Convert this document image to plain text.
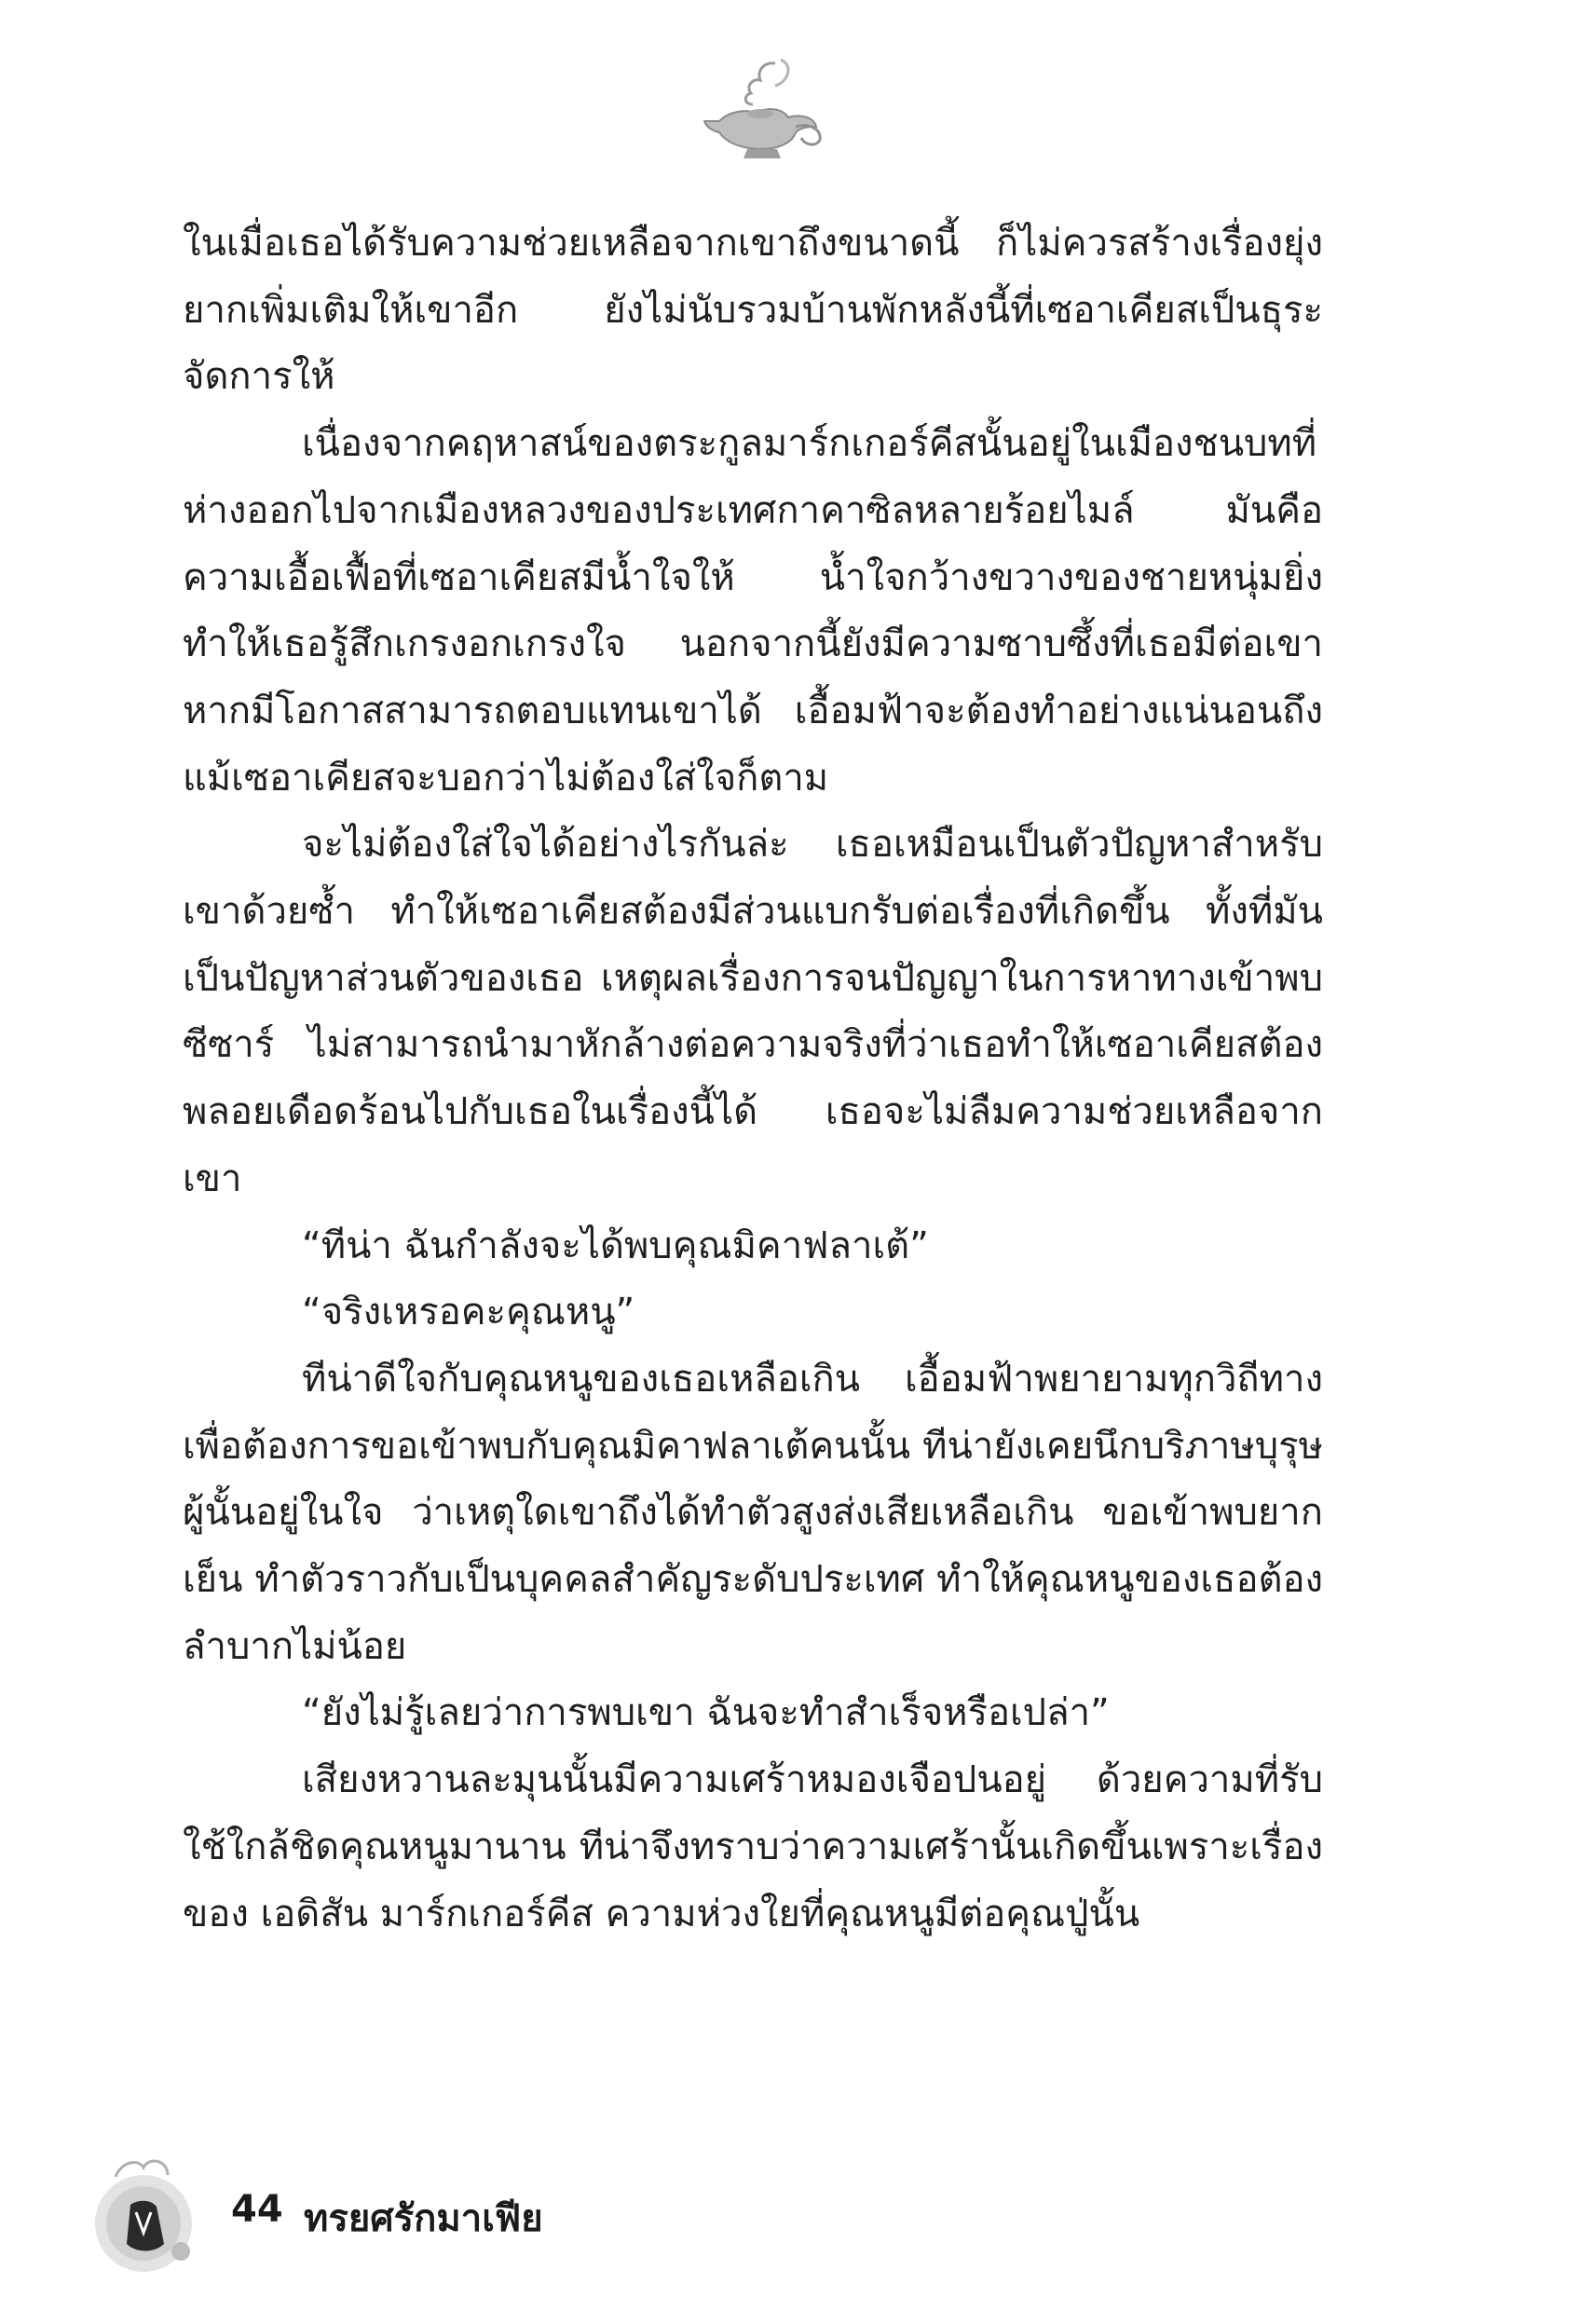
ในเมื่อเธอได้รับความช่วยเหลือจากเขาถึงขนาดนี้ ก็ไม่ควรสร้างเรื่องยุ่งยากเพิ่มเติมให้เขาอีก ยังไม่นับรวมบ้านพักหลังนี้ที่เซอาเคียสเป็นธุระจัดการให้

เนื่องจากคฤหาสน์ของตระกูลมาร์กเกอร์คีสนั้นอยู่ในเมืองชนบทที่ห่างออกไปจากเมืองหลวงของประเทศกาคาซิลหลายร้อยไมล์ มันคือความเอื้อเฟื้อที่เซอาเคียสมีน้ำใจให้ น้ำใจกว้างขวางของชายหนุ่มยิ่งทำให้เธอรู้สึกเกรงอกเกรงใจ นอกจากนี้ยังมีความซาบซึ้งที่เธอมีต่อเขาหากมีโอกาสสามารถตอบแทนเขาได้ เอื้อมฟ้าจะต้องทำอย่างแน่นอนถึงแม้เซอาเคียสจะบอกว่าไม่ต้องใส่ใจก็ตาม

จะไม่ต้องใส่ใจได้อย่างไรกันล่ะ เธอเหมือนเป็นตัวปัญหาสำหรับเขาด้วยซ้ำ ทำให้เซอาเคียสต้องมีส่วนแบกรับต่อเรื่องที่เกิดขึ้น ทั้งที่มันเป็นปัญหาส่วนตัวของเธอ เหตุผลเรื่องการจนปัญญาในการหาทางเข้าพบซีซาร์ ไม่สามารถนำมาหักล้างต่อความจริงที่ว่าเธอทำให้เซอาเคียสต้องพลอยเดือดร้อนไปกับเธอในเรื่องนี้ได้ เธอจะไม่ลืมความช่วยเหลือจากเขา

“ทีน่า ฉันกำลังจะได้พบคุณมิคาฟลาเต้”

“จริงเหรอคะคุณหนู”

ทีน่าดีใจกับคุณหนูของเธอเหลือเกิน เอื้อมฟ้าพยายามทุกวิถีทางเพื่อต้องการขอเข้าพบกับคุณมิคาฟลาเต้คนนั้น ทีน่ายังเคยนึกบริภาษบุรุษผู้นั้นอยู่ในใจ ว่าเหตุใดเขาถึงได้ทำตัวสูงส่งเสียเหลือเกิน ขอเข้าพบยากเย็น ทำตัวราวกับเป็นบุคคลสำคัญระดับประเทศ ทำให้คุณหนูของเธอต้องลำบากไม่น้อย

“ยังไม่รู้เลยว่าการพบเขา ฉันจะทำสำเร็จหรือเปล่า”

เสียงหวานละมุนนั้นมีความเศร้าหมองเจือปนอยู่ ด้วยความที่รับใช้ใกล้ชิดคุณหนูมานาน ทีน่าจึงทราบว่าความเศร้านั้นเกิดขึ้นเพราะเรื่องของ เอดิสัน มาร์กเกอร์คีส ความห่วงใยที่คุณหนูมีต่อคุณปู่นั้น

44 ทรยศรักมาเฟีย
